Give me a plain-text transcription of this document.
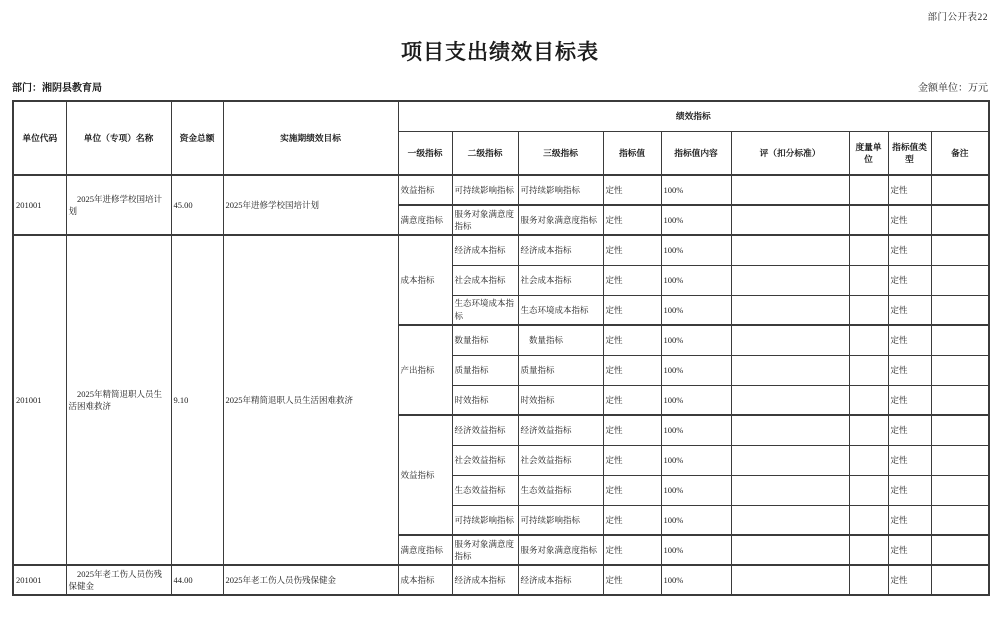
部门公开表22
项目支出绩效目标表
部门：湘阴县教育局	金额单位：万元
单位代码	单位（专项）名称	资金总额	实施期绩效目标	绩效指标								
				一级指标	二级指标	三级指标	指标值	指标值内容	评（扣分标准）	度量单位	指标值类型	备注
201001	　2025年进修学校国培计划	45.00	2025年进修学校国培计划	效益指标	可持续影响指标	可持续影响指标	定性	100%			定性	
				满意度指标	服务对象满意度指标	服务对象满意度指标	定性	100%			定性	
201001	　2025年精简退职人员生活困难救济	9.10	2025年精简退职人员生活困难救济	成本指标	经济成本指标	经济成本指标	定性	100%			定性	
					社会成本指标	社会成本指标	定性	100%			定性	
					生态环境成本指标	生态环境成本指标	定性	100%			定性	
				产出指标	数量指标	　数量指标	定性	100%			定性	
					质量指标	质量指标	定性	100%			定性	
					时效指标	时效指标	定性	100%			定性	
				效益指标	经济效益指标	经济效益指标	定性	100%			定性	
					社会效益指标	社会效益指标	定性	100%			定性	
					生态效益指标	生态效益指标	定性	100%			定性	
					可持续影响指标	可持续影响指标	定性	100%			定性	
				满意度指标	服务对象满意度指标	服务对象满意度指标	定性	100%			定性	
201001	　2025年老工伤人员伤残保健金	44.00	2025年老工伤人员伤残保健金	成本指标	经济成本指标	经济成本指标	定性	100%			定性	
